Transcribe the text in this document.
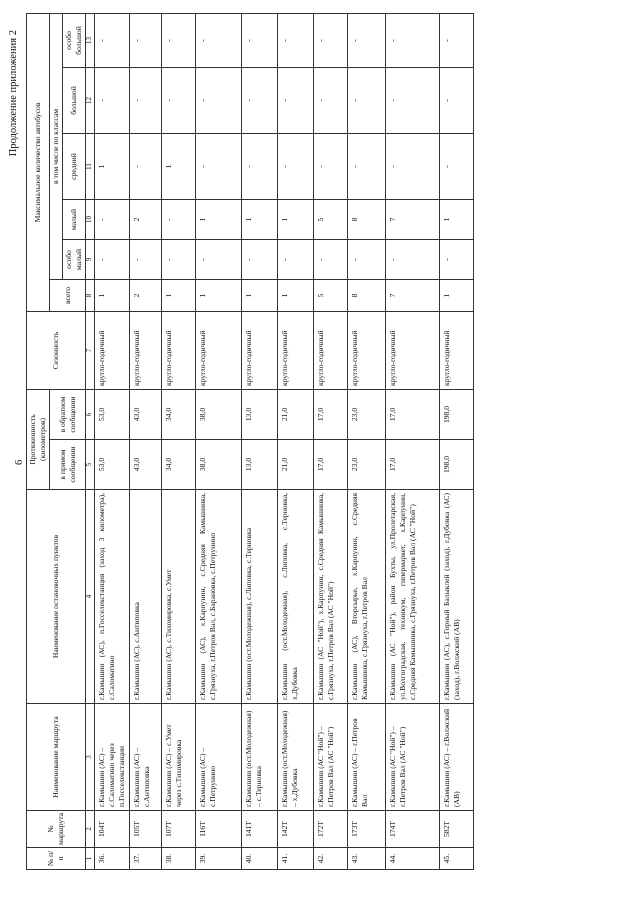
6
Продолжение приложения 2
№ п/п	№ маршрута	Наименование маршрута	Наименование остановочных пунктов	Протяженность (километров)		Сезонность	Максимальное количество автобусов					
				в прямом сообщении	в обратном сообщении		всего	в том числе по классам				
								особо малый	малый	средний	большой	особо большой
1	2	3	4	5	6	7	8	9	10	11	12	13
36.	104Т	г.Камышин (АС) – с.Саломатино через п.Госселекстанции	г.Камышин (АС), п.Госселекстанция (заход 3 километра), с.Саломатино	53,0	53,0	кругло-годичный	1	-	-	1	-	-
37.	105Т	г.Камышин (АС) – с.Антиповка	г.Камышин (АС), с.Антиповка	43,0	43,0	кругло-годичный	2	-	2	-	-	-
38.	107Т	г.Камышин (АС) – с.Умет через с.Тихомировка	г.Камышин (АС), с.Тихомировка, с.Умет	34,0	34,0	кругло-годичный	1	-	-	1	-	-
39.	116Т	г.Камышин (АС) – с.Петрунино	г.Камышин (АС), х.Карпунин, с.Средняя Камышинка, с.Грязнуха, г.Петров Вал, с.Барановка, с.Петрунино	38,0	38,0	кругло-годичный	1	-	1	-	-	-
40.	141Т	г.Камышин (ост.Молодежная) – с.Терновка	г.Камышин (ост.Молодежная), с.Липовка, с.Терновка	13,0	13,0	кругло-годичный	1	-	1	-	-	-
41.	142Т	г.Камышин (ост.Молодежная) – х.Дубовка	г.Камышин (ост.Молодежная), с.Липовка, с.Терновка, х.Дубовка	21,0	21,0	кругло-годичный	1	-	1	-	-	-
42.	172Т	г.Камышин (АС "Ной") – г.Петров Вал (АС "Ной")	г.Камышин (АС "Ной"), х.Карпунин, с.Средняя Камышинка, с.Грязнуха, г.Петров Вал (АС "Ной")	17,0	17,0	кругло-годичный	5	-	5	-	-	-
43.	173Т	г.Камышин (АС) – г.Петров Вал	г.Камышин (АС), Вторсырье, х.Карпунин, с.Средняя Камышинка, с.Грязнуха, г.Петров Вал	23,0	23,0	кругло-годичный	8	-	8	-	-	-
44.	174Т	г.Камышин (АС "Ной") – г.Петров Вал (АС "Ной")	г.Камышин (АС "Ной"), район Бухты, ул.Пролетарская, ул.Волгоградская, техникум, гипермаркет, х.Карпунин, с.Средняя Камышинка, с.Грязнуха, г.Петров Вал (АС "Ной")	17,0	17,0	кругло-годичный	7	-	7	-	-	-
45.	582Т	г.Камышин (АС) – г.Волжский (АВ)	г.Камышин (АС), с.Горный Балыклей (заход), г.Дубовка (АС) (заход), г.Волжский (АВ)	198,0	198,0	кругло-годичный	1	-	1	-	-	-
